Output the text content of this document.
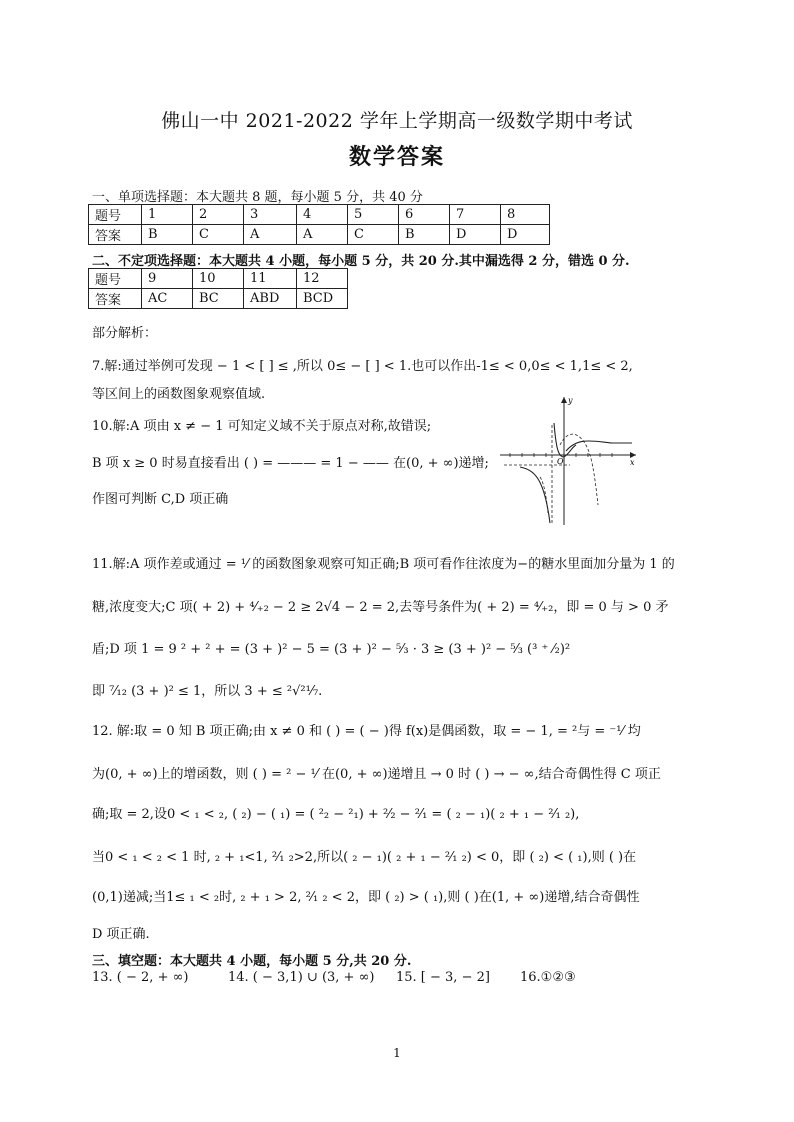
佛山一中 2021-2022 学年上学期高一级数学期中考试
数学答案
一、单项选择题：本大题共 8 题，每小题 5 分，共 40 分
题号	1	2	3	4	5	6	7	8
答案	B	C	A	A	C	B	D	D
二、不定项选择题：本大题共 4 小题，每小题 5 分，共 20 分.其中漏选得 2 分，错选 0 分.
题号	9	10	11	12
答案	AC	BC	ABD	BCD
部分解析：
7.解:通过举例可发现 − 1 < [ ] ≤ ,所以 0≤ − [ ] < 1.也可以作出-1≤ < 0,0≤ < 1,1≤ < 2,
等区间上的函数图象观察值域.
10.解:A 项由 x ≠ − 1 可知定义域不关于原点对称,故错误;
B 项 x ≥ 0 时易直接看出 ( ) = ——— = 1 − —— 在(0, + ∞)递增;
作图可判断 C,D 项正确
y
x
O
11.解:A 项作差或通过 = ¹⁄ 的函数图象观察可知正确;B 项可看作往浓度为−的糖水里面加分量为 1 的
糖,浓度变大;C 项( + 2) + ⁴⁄₊₂ − 2 ≥ 2√4 − 2 = 2,去等号条件为( + 2) = ⁴⁄₊₂，即 = 0 与 > 0 矛
盾;D 项 1 = 9 ² + ² + = (3 + )² − 5 = (3 + )² − ⁵⁄₃ · 3 ≥ (3 + )² − ⁵⁄₃ (³ ⁺ ⁄₂)²
即 ⁷⁄₁₂ (3 + )² ≤ 1，所以 3 + ≤ ²√²¹⁄₇.
12. 解:取 = 0 知 B 项正确;由 x ≠ 0 和 ( ) = ( − )得 f(x)是偶函数，取 = − 1, = ²与 = ⁻¹⁄ 均
为(0, + ∞)上的增函数，则 ( ) = ² − ¹⁄ 在(0, + ∞)递增且 → 0 时 ( ) → − ∞,结合奇偶性得 C 项正
确;取 = 2,设0 < ₁ < ₂, ( ₂) − ( ₁) = ( ²₂ − ²₁) + ²⁄₂ − ²⁄₁ = ( ₂ − ₁)( ₂ + ₁ − ²⁄₁ ₂),
当0 < ₁ < ₂ < 1 时, ₂ + ₁<1, ²⁄₁ ₂>2,所以( ₂ − ₁)( ₂ + ₁ − ²⁄₁ ₂) < 0，即 ( ₂) < ( ₁),则 ( )在
(0,1)递减;当1≤ ₁ < ₂时, ₂ + ₁ > 2, ²⁄₁ ₂ < 2，即 ( ₂) > ( ₁),则 ( )在(1, + ∞)递增,结合奇偶性
D 项正确.
三、填空题：本大题共 4 小题，每小题 5 分,共 20 分.
13. ( − 2, + ∞)	14. ( − 3,1) ∪ (3, + ∞) 15. [ − 3, − 2] 16.①②③
1
